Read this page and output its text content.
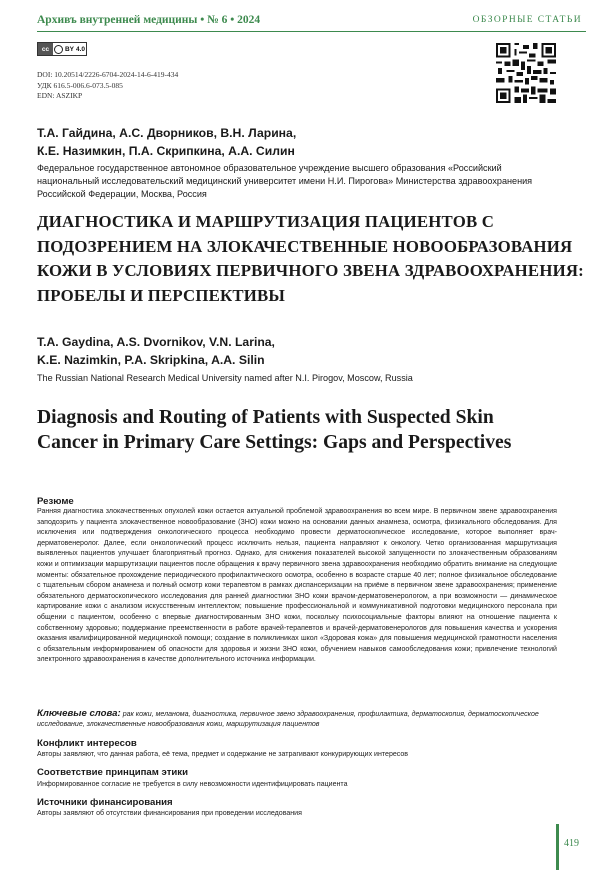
Архивъ внутренней медицины • № 6 • 2024	ОБЗОРНЫЕ СТАТЬИ
cc BY 4.0
DOI: 10.20514/2226-6704-2024-14-6-419-434
УДК 616.5-006.6-073.5-085
EDN: ASZIKP
Т.А. Гайдина, А.С. Дворников, В.Н. Ларина,
К.Е. Назимкин, П.А. Скрипкина, А.А. Силин
Федеральное государственное автономное образовательное учреждение высшего образования «Российский национальный исследовательский медицинский университет имени Н.И. Пирогова» Министерства здравоохранения Российской Федерации, Москва, Россия
ДИАГНОСТИКА И МАРШРУТИЗАЦИЯ ПАЦИЕНТОВ С ПОДОЗРЕНИЕМ НА ЗЛОКАЧЕСТВЕННЫЕ НОВООБРАЗОВАНИЯ КОЖИ В УСЛОВИЯХ ПЕРВИЧНОГО ЗВЕНА ЗДРАВООХРАНЕНИЯ: ПРОБЕЛЫ И ПЕРСПЕКТИВЫ
T.A. Gaydina, A.S. Dvornikov, V.N. Larina,
K.E. Nazimkin, P.A. Skripkina, A.A. Silin
The Russian National Research Medical University named after N.I. Pirogov, Moscow, Russia
Diagnosis and Routing of Patients with Suspected Skin Cancer in Primary Care Settings: Gaps and Perspectives
Резюме
Ранняя диагностика злокачественных опухолей кожи остается актуальной проблемой здравоохранения во всем мире. В первичном звене здравоохранения заподозрить у пациента злокачественное новообразование (ЗНО) кожи можно на основании данных анамнеза, осмотра, физикального обследования. Для исключения или подтверждения онкологического процесса необходимо провести дерматоскопическое исследование, которое выполняет врач-дерматовенеролог. Далее, если онкологический процесс исключить нельзя, пациента направляют к онкологу. Четко организованная маршрутизация выявленных пациентов улучшает благоприятный прогноз. Однако, для снижения показателей высокой запущенности по злокачественным образованиям кожи и оптимизации маршрутизации пациентов после обращения к врачу первичного звена здравоохранения необходимо обратить внимание на следующие моменты: обязательное прохождение периодического профилактического осмотра, особенно в возрасте старше 40 лет; полное физикальное обследование с тщательным сбором анамнеза и полный осмотр кожи терапевтом в рамках диспансеризации на приёме в первичном звене здравоохранения; применение обязательного дерматоскопического исследования для ранней диагностики ЗНО кожи врачом-дерматовенерологом, а при возможности — динамическое картирование кожи с анализом искусственным интеллектом; повышение профессиональной и коммуникативной подготовки медицинского персонала при общении с пациентом, особенно с впервые диагностированным ЗНО кожи, поскольку психосоциальные факторы влияют на отношение пациента к собственному здоровью; поддержание преемственности в работе врачей-терапевтов и врачей-дерматовенерологов для повышения качества и ускорения оказания квалифицированной медицинской помощи; создание в поликлиниках школ «Здоровая кожа» для повышения медицинской грамотности населения с обязательным информированием об опасности для здоровья и жизни ЗНО кожи, обучением навыков самообследования кожи; привлечение технологий электронного здравоохранения в качестве дополнительного источника информации.
Ключевые слова: рак кожи, меланома, диагностика, первичное звено здравоохранения, профилактика, дерматоскопия, дерматоскопическое исследование, злокачественные новообразования кожи, маршрутизация пациентов
Конфликт интересов
Авторы заявляют, что данная работа, её тема, предмет и содержание не затрагивают конкурирующих интересов
Соответствие принципам этики
Информированное согласие не требуется в силу невозможности идентифицировать пациента
Источники финансирования
Авторы заявляют об отсутствии финансирования при проведении исследования
419
